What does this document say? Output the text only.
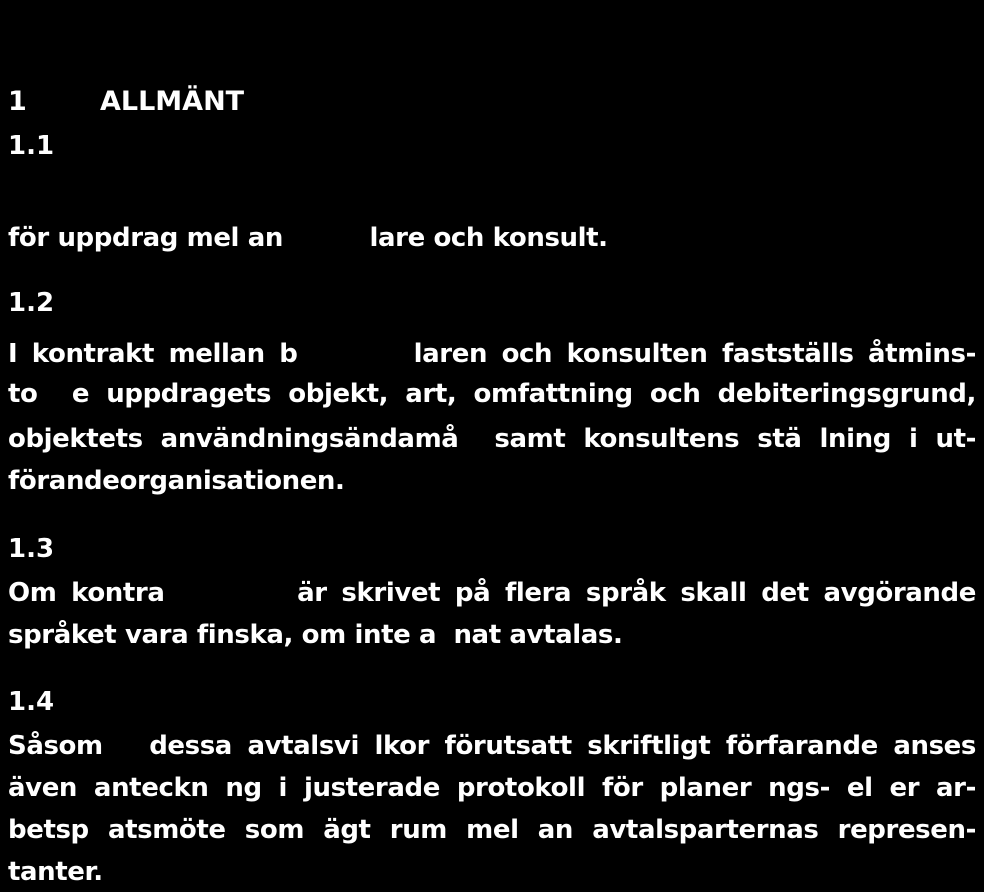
1	ALLMÄNT
1.1
för uppdrag mel an          lare och konsult.
1.2
I kontrakt mellan b        laren och konsulten fastställs åtmins-
to  e uppdragets objekt, art, omfattning och debiteringsgrund,
objektets användningsändamå  samt konsultens stä lning i ut-
förandeorganisationen.
1.3
Om kontra         är skrivet på flera språk skall det avgörande
språket vara finska, om inte a  nat avtalas.
1.4
Såsom   dessa avtalsvi lkor förutsatt skriftligt förfarande anses
även anteckn ng i justerade protokoll för planer ngs- el er ar-
betsp atsmöte som ägt rum mel an avtalsparternas represen-
tanter.
